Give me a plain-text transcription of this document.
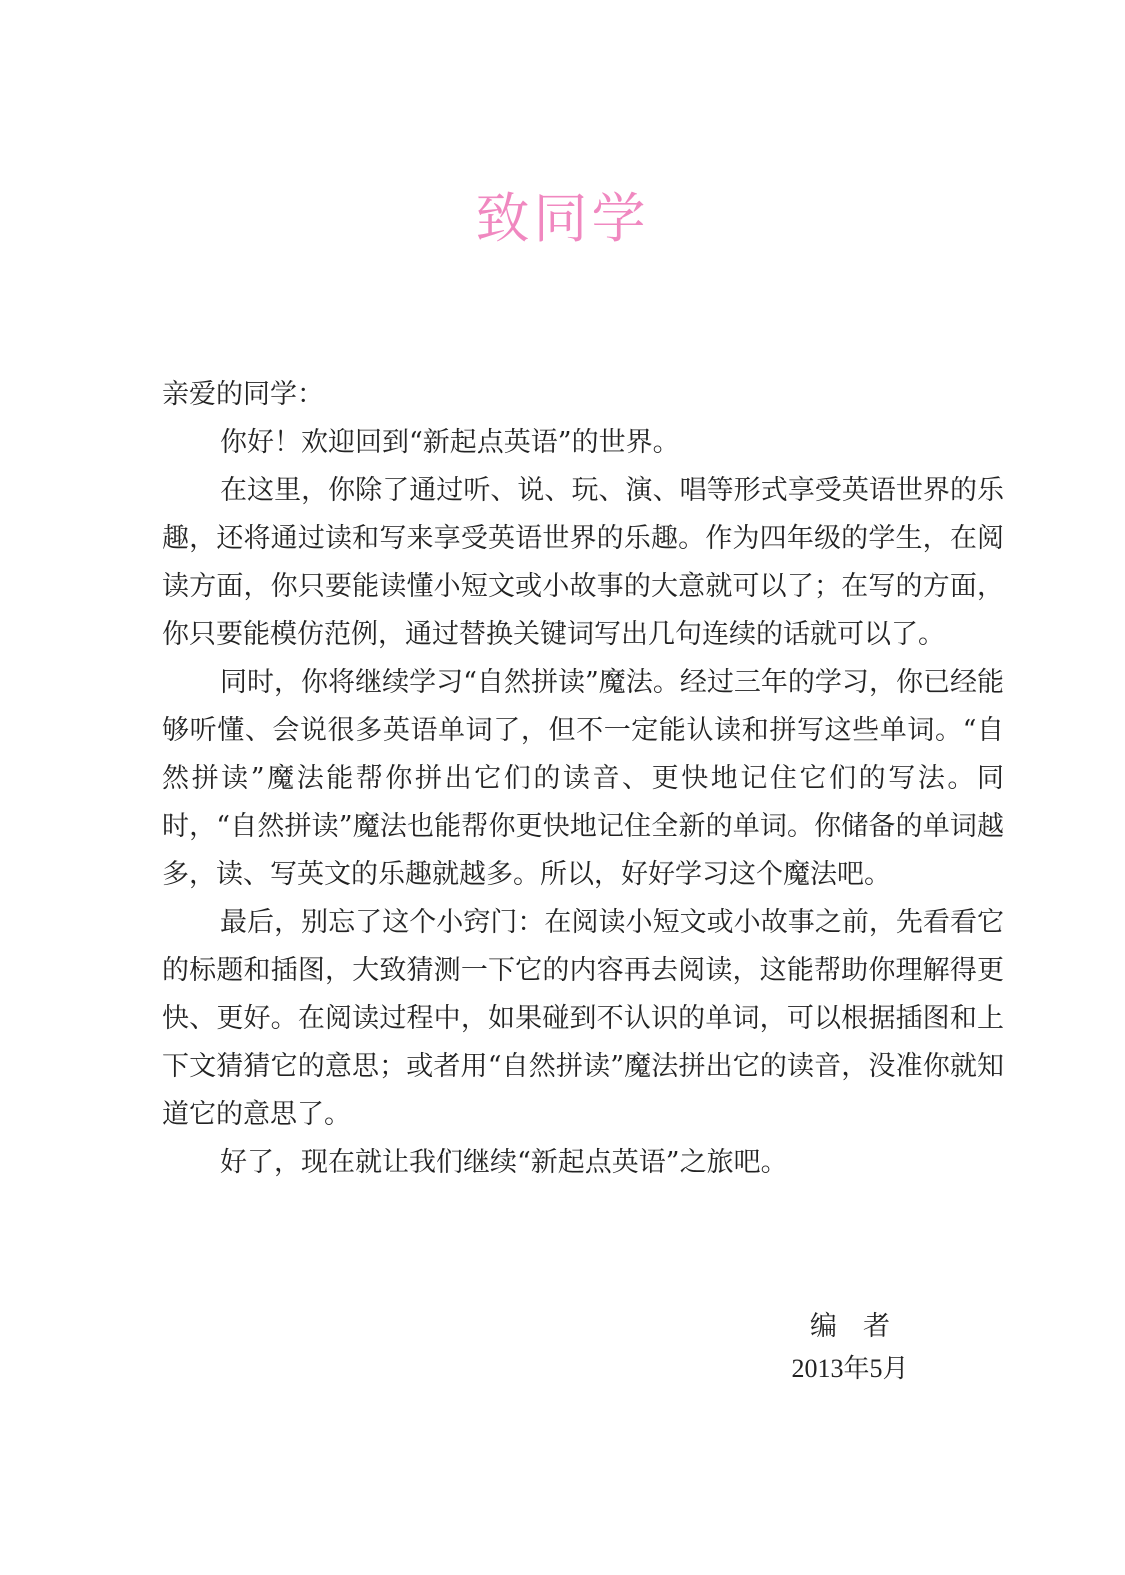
致同学

亲爱的同学：

你好！欢迎回到“新起点英语”的世界。

在这里，你除了通过听、说、玩、演、唱等形式享受英语世界的乐趣，还将通过读和写来享受英语世界的乐趣。作为四年级的学生，在阅读方面，你只要能读懂小短文或小故事的大意就可以了；在写的方面，你只要能模仿范例，通过替换关键词写出几句连续的话就可以了。

同时，你将继续学习“自然拼读”魔法。经过三年的学习，你已经能够听懂、会说很多英语单词了，但不一定能认读和拼写这些单词。“自然拼读”魔法能帮你拼出它们的读音、更快地记住它们的写法。同时，“自然拼读”魔法也能帮你更快地记住全新的单词。你储备的单词越多，读、写英文的乐趣就越多。所以，好好学习这个魔法吧。

最后，别忘了这个小窍门：在阅读小短文或小故事之前，先看看它的标题和插图，大致猜测一下它的内容再去阅读，这能帮助你理解得更快、更好。在阅读过程中，如果碰到不认识的单词，可以根据插图和上下文猜猜它的意思；或者用“自然拼读”魔法拼出它的读音，没准你就知道它的意思了。

好了，现在就让我们继续“新起点英语”之旅吧。

编者
2013年5月
